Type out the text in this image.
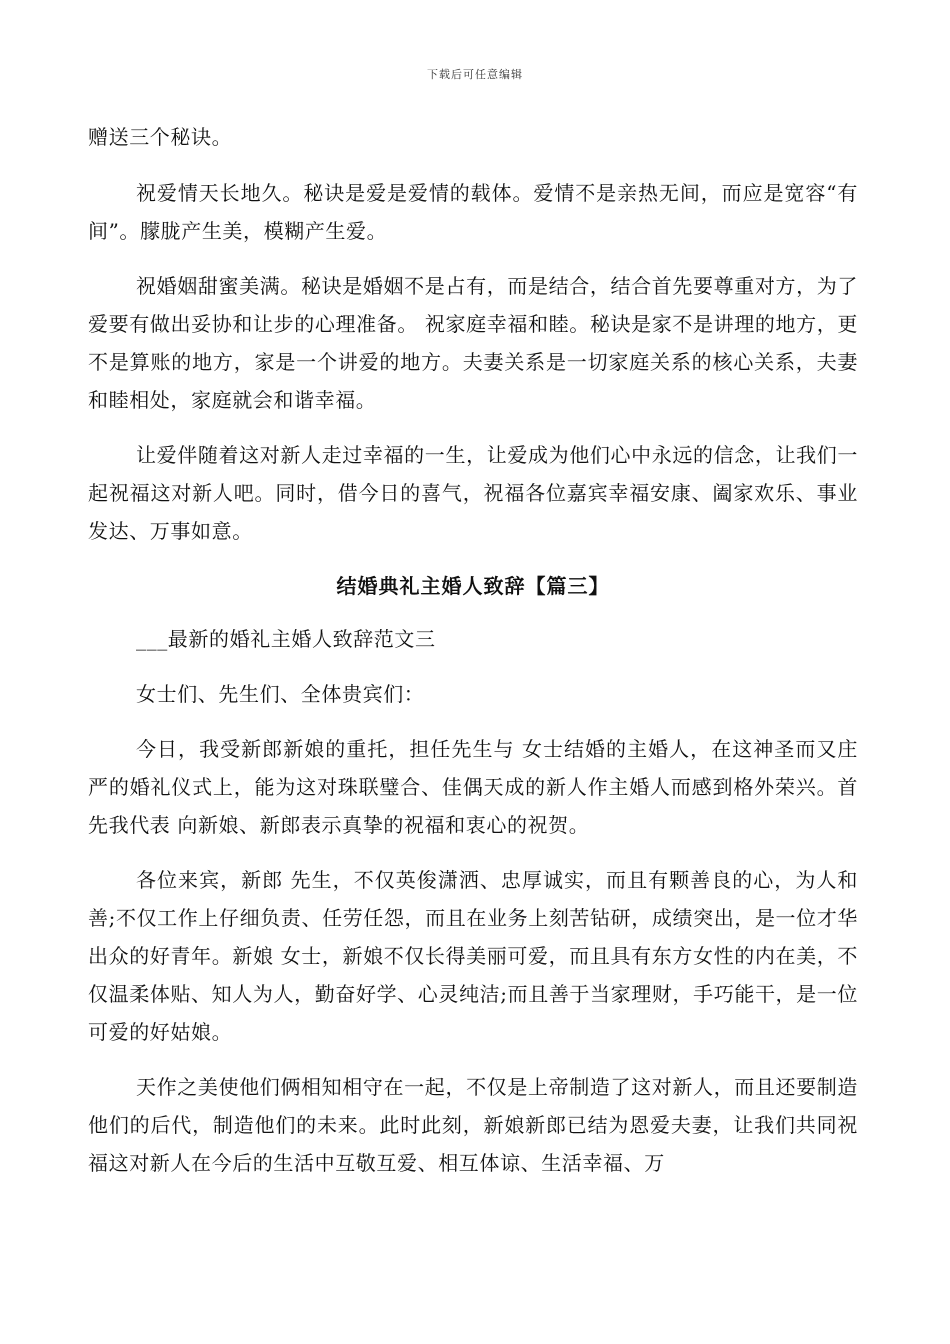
下载后可任意编辑

赠送三个秘诀。

祝爱情天长地久。秘诀是爱是爱情的载体。爱情不是亲热无间，而应是宽容“有间”。朦胧产生美，模糊产生爱。

祝婚姻甜蜜美满。秘诀是婚姻不是占有，而是结合，结合首先要尊重对方，为了爱要有做出妥协和让步的心理准备。 祝家庭幸福和睦。秘诀是家不是讲理的地方，更不是算账的地方，家是一个讲爱的地方。夫妻关系是一切家庭关系的核心关系，夫妻和睦相处，家庭就会和谐幸福。

让爱伴随着这对新人走过幸福的一生，让爱成为他们心中永远的信念，让我们一起祝福这对新人吧。同时，借今日的喜气，祝福各位嘉宾幸福安康、阖家欢乐、事业发达、万事如意。

结婚典礼主婚人致辞【篇三】

___最新的婚礼主婚人致辞范文三

女士们、先生们、全体贵宾们：

今日，我受新郎新娘的重托，担任先生与 女士结婚的主婚人，在这神圣而又庄严的婚礼仪式上，能为这对珠联璧合、佳偶天成的新人作主婚人而感到格外荣兴。首先我代表 向新娘、新郎表示真挚的祝福和衷心的祝贺。

各位来宾，新郎 先生，不仅英俊潇洒、忠厚诚实，而且有颗善良的心，为人和善;不仅工作上仔细负责、任劳任怨，而且在业务上刻苦钻研，成绩突出，是一位才华出众的好青年。新娘 女士，新娘不仅长得美丽可爱，而且具有东方女性的内在美，不仅温柔体贴、知人为人，勤奋好学、心灵纯洁;而且善于当家理财，手巧能干，是一位可爱的好姑娘。

天作之美使他们俩相知相守在一起，不仅是上帝制造了这对新人，而且还要制造他们的后代，制造他们的未来。此时此刻，新娘新郎已结为恩爱夫妻，让我们共同祝福这对新人在今后的生活中互敬互爱、相互体谅、生活幸福、万
